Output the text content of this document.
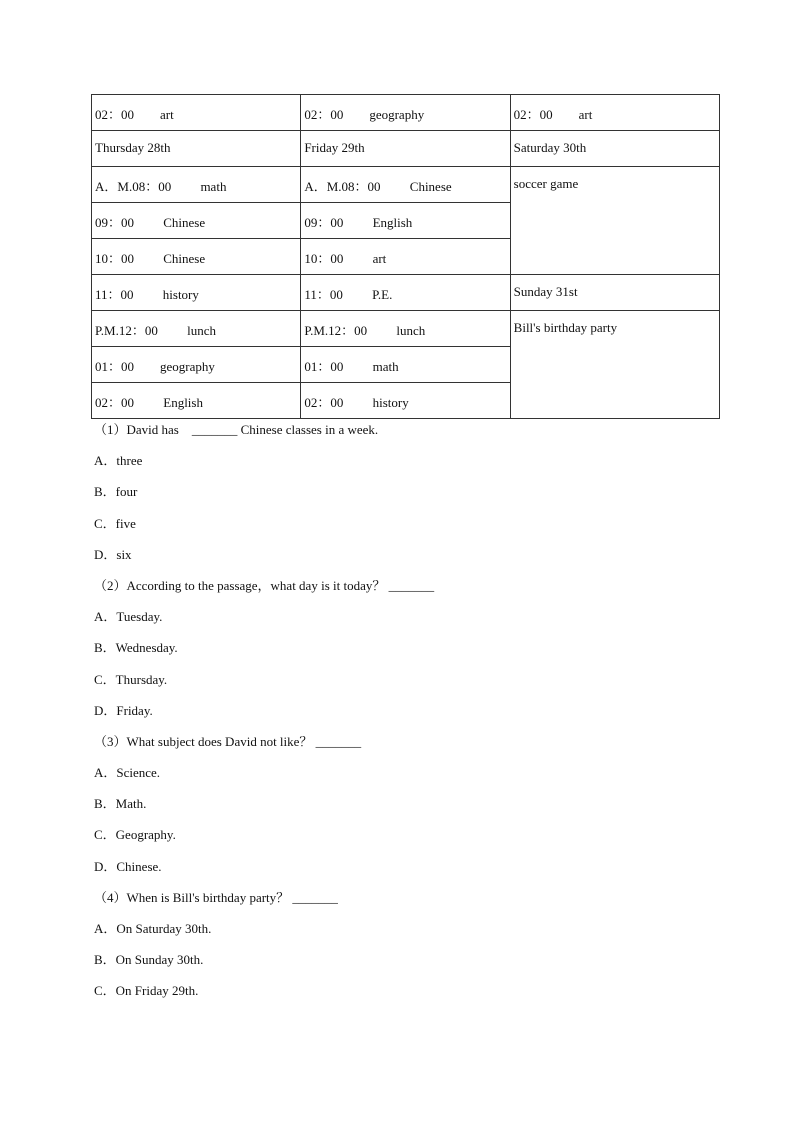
02：00　　art	02：00　　geography	02：00　　art
Thursday 28th	Friday 29th	Saturday 30th
A．M.08：00　　 math	A．M.08：00　　 Chinese	soccer game
09：00　　 Chinese	09：00　　 English	
10：00　　 Chinese	10：00　　 art	
11：00　　 history	11：00　　 P.E.	Sunday 31st
P.M.12：00　　 lunch	P.M.12：00　　 lunch	Bill's birthday party
01：00　　geography	01：00　　 math	
02：00　　 English	02：00　　 history	
（1）David has　_______ Chinese classes in a week.
A．three
B．four
C．five
D．six
（2）According to the passage，what day is it today？ _______
A．Tuesday.
B．Wednesday.
C．Thursday.
D．Friday.
（3）What subject does David not like？ _______
A．Science.
B．Math.
C．Geography.
D．Chinese.
（4）When is Bill's birthday party？ _______
A．On Saturday 30th.
B．On Sunday 30th.
C．On Friday 29th.
